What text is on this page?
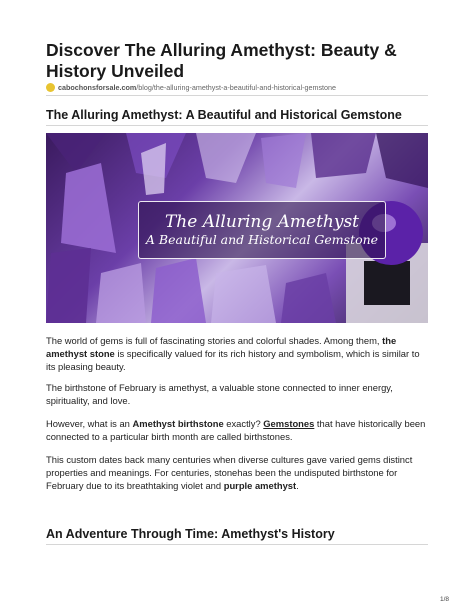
Discover The Alluring Amethyst: Beauty & History Unveiled
cabochonsforsale.com /blog/the-alluring-amethyst-a-beautiful-and-historical-gemstone
The Alluring Amethyst: A Beautiful and Historical Gemstone
The Alluring Amethyst
A Beautiful and Historical Gemstone
The world of gems is full of fascinating stories and colorful shades. Among them, the amethyst stone is specifically valued for its rich history and symbolism, which is similar to its pleasing beauty.
The birthstone of February is amethyst, a valuable stone connected to inner energy, spirituality, and love.
However, what is an Amethyst birthstone exactly? Gemstones that have historically been connected to a particular birth month are called birthstones.
This custom dates back many centuries when diverse cultures gave varied gems distinct properties and meanings. For centuries, stonehas been the undisputed birthstone for February due to its breathtaking violet and purple amethyst.
An Adventure Through Time: Amethyst's History
1/8
